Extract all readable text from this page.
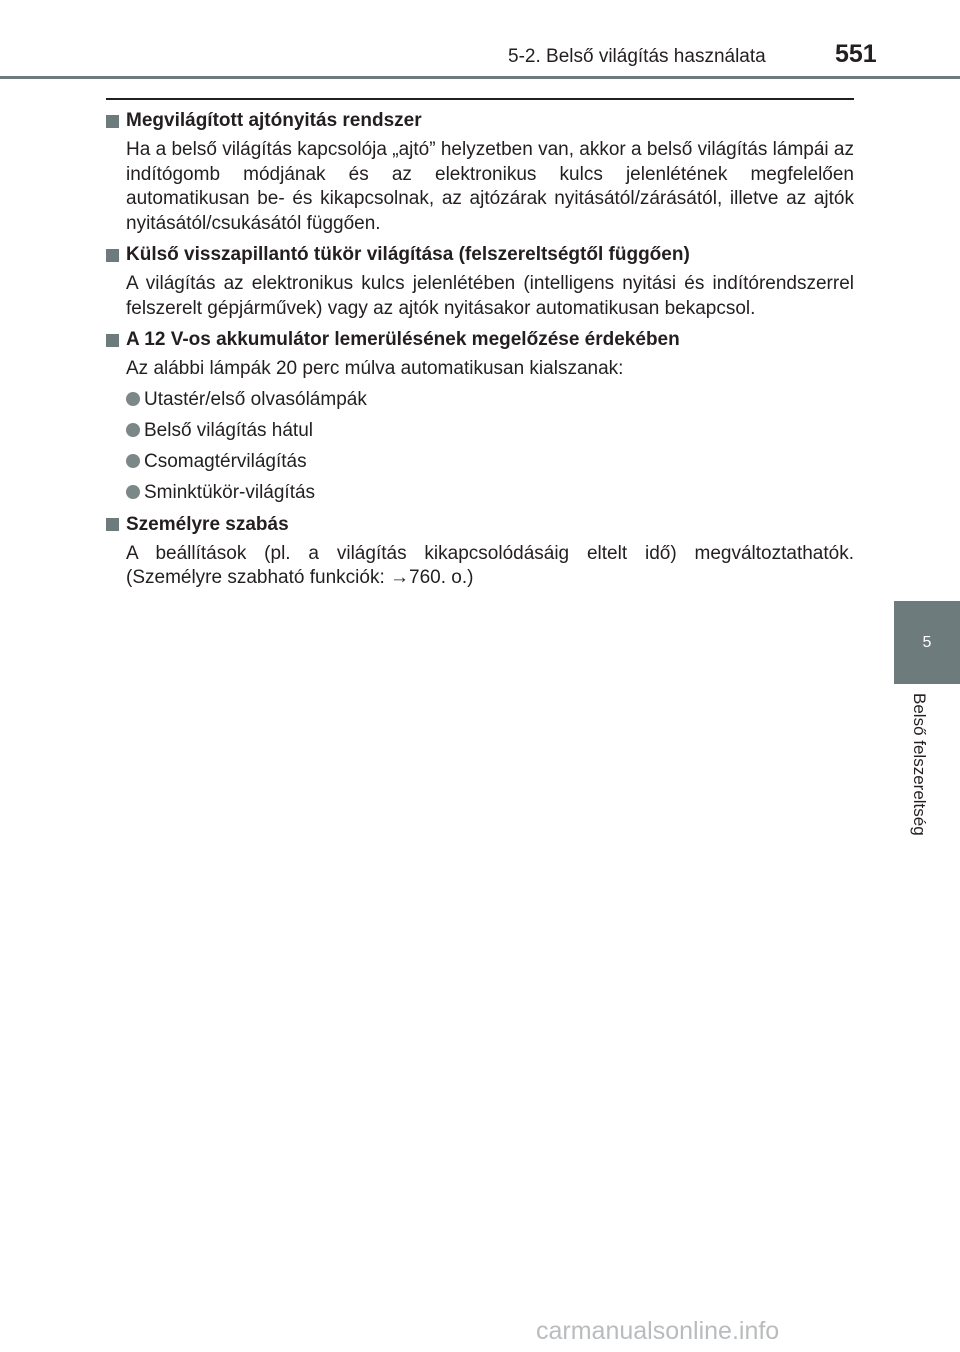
5-2. Belső világítás használata	551
Megvilágított ajtónyitás rendszer

Ha a belső világítás kapcsolója „ajtó” helyzetben van, akkor a belső világítás lámpái az indítógomb módjának és az elektronikus kulcs jelenlétének megfelelően automatikusan be- és kikapcsolnak, az ajtózárak nyitásától/zárásától, illetve az ajtók nyitásától/csukásától függően.

Külső visszapillantó tükör világítása (felszereltségtől függően)

A világítás az elektronikus kulcs jelenlétében (intelligens nyitási és indítórendszerrel felszerelt gépjárművek) vagy az ajtók nyitásakor automatikusan bekapcsol.

A 12 V-os akkumulátor lemerülésének megelőzése érdekében

Az alábbi lámpák 20 perc múlva automatikusan kialszanak:

Utastér/első olvasólámpák
Belső világítás hátul
Csomagtérvilágítás
Sminktükör-világítás
Személyre szabás

A beállítások (pl. a világítás kikapcsolódásáig eltelt idő) megváltoztathatók. (Személyre szabható funkciók: →760. o.)

5
Belső felszereltség
carmanualsonline.info
